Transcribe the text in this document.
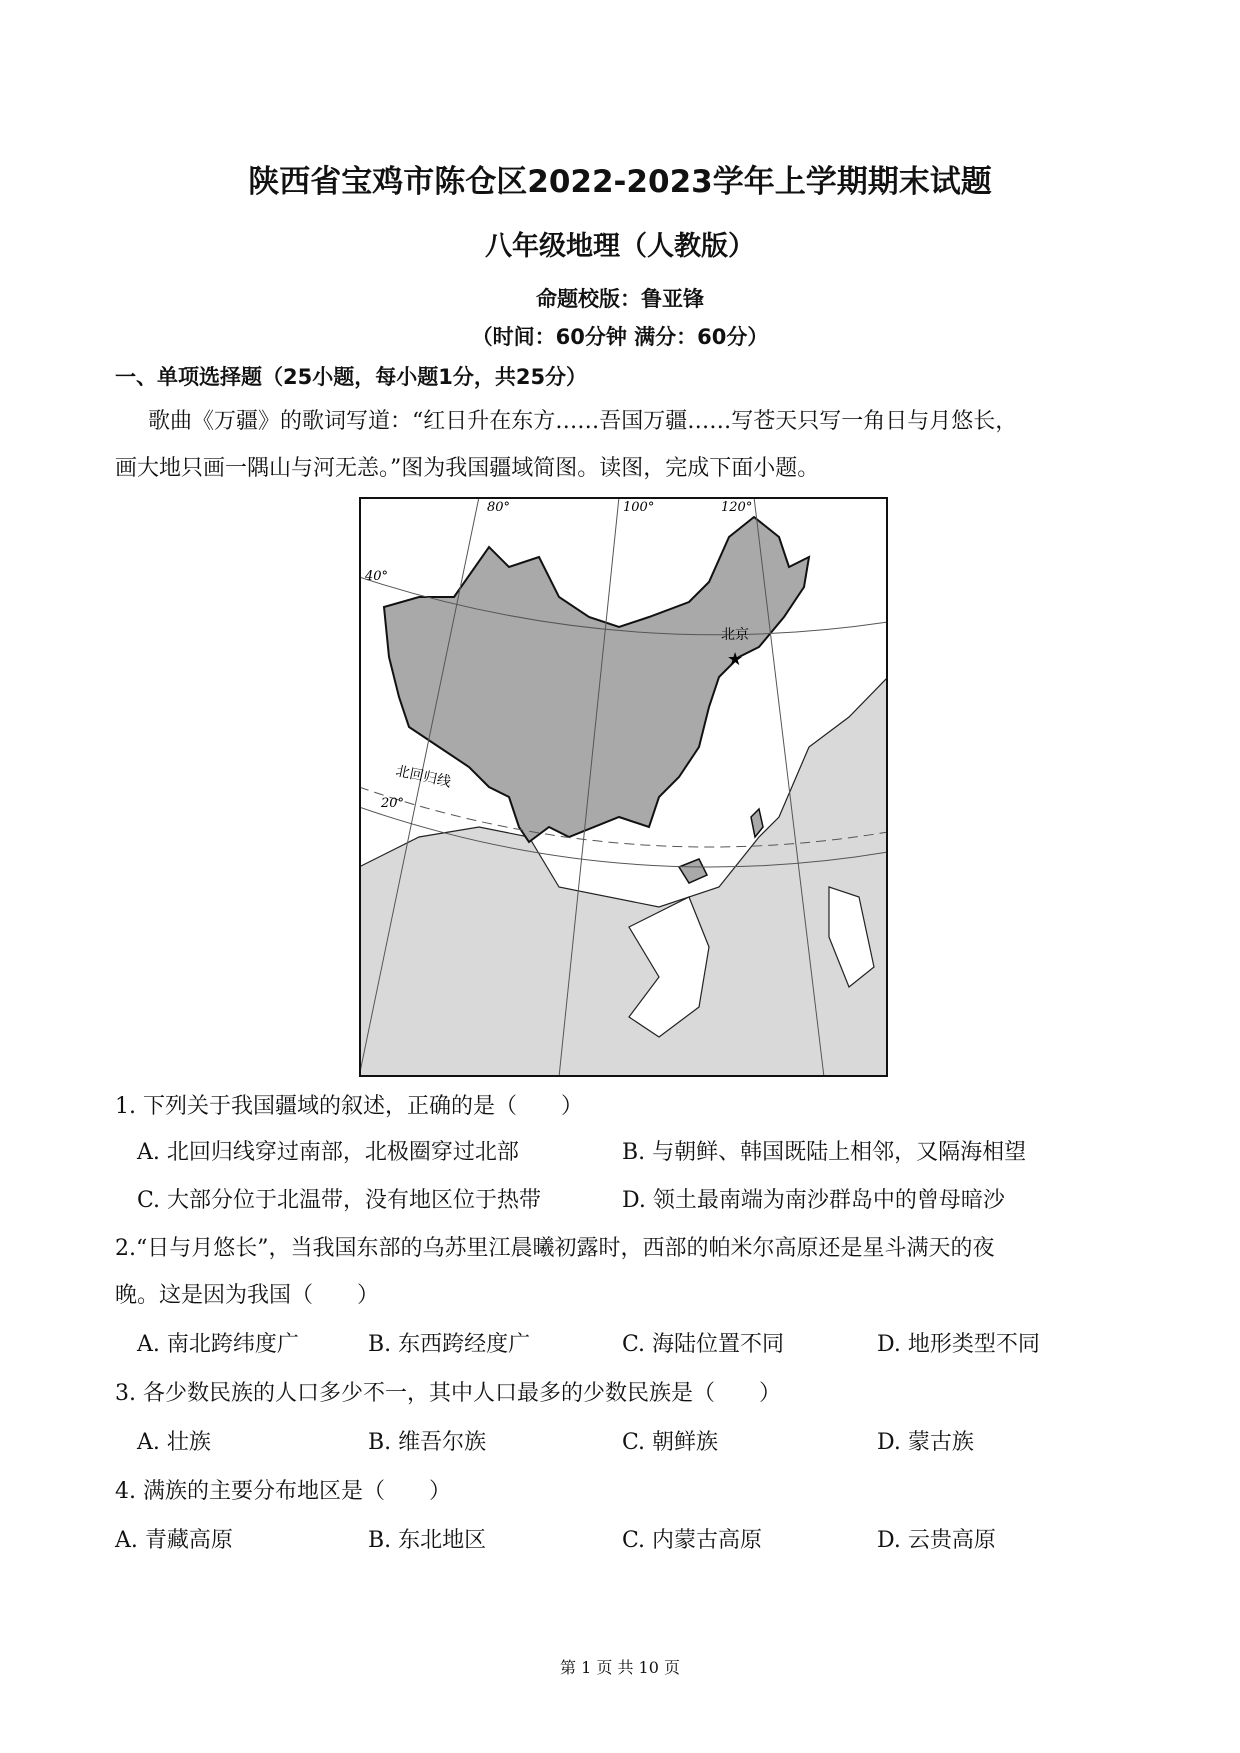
陕西省宝鸡市陈仓区2022-2023学年上学期期末试题
八年级地理（人教版）
命题校版：鲁亚锋
（时间：60分钟 满分：60分）
一、单项选择题（25小题，每小题1分，共25分）
歌曲《万疆》的歌词写道：“红日升在东方……吾国万疆……写苍天只写一角日与月悠长，
画大地只画一隅山与河无恙。”图为我国疆域简图。读图，完成下面小题。
80°	100°	120°
40°
20°
北回归线
北京
★
1. 下列关于我国疆域的叙述，正确的是（　　）
A. 北回归线穿过南部，北极圈穿过北部	B. 与朝鲜、韩国既陆上相邻，又隔海相望
C. 大部分位于北温带，没有地区位于热带	D. 领土最南端为南沙群岛中的曾母暗沙
2.“日与月悠长”，当我国东部的乌苏里江晨曦初露时，西部的帕米尔高原还是星斗满天的夜
晚。这是因为我国（　　）
A. 南北跨纬度广	B. 东西跨经度广	C. 海陆位置不同	D. 地形类型不同
3. 各少数民族的人口多少不一，其中人口最多的少数民族是（　　）
A. 壮族	B. 维吾尔族	C. 朝鲜族	D. 蒙古族
4. 满族的主要分布地区是（　　）
A. 青藏高原	B. 东北地区	C. 内蒙古高原	D. 云贵高原
第 1 页 共 10 页
